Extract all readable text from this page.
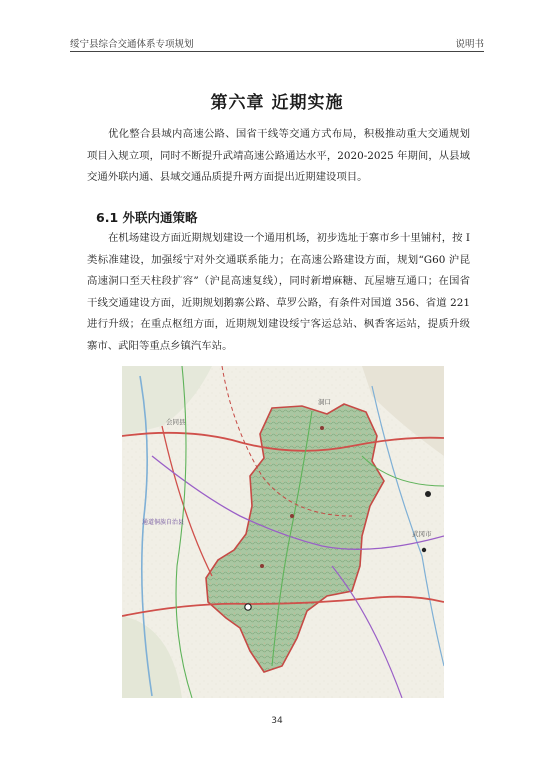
绥宁县综合交通体系专项规划	说明书
第六章 近期实施

优化整合县域内高速公路、国省干线等交通方式布局，积极推动重大交通规划项目入规立项，同时不断提升武靖高速公路通达水平，2020-2025 年期间，从县域交通外联内通、县域交通品质提升两方面提出近期建设项目。

6.1 外联内通策略

在机场建设方面近期规划建设一个通用机场，初步选址于寨市乡十里铺村，按 I 类标准建设，加强绥宁对外交通联系能力；在高速公路建设方面，规划“G60 沪昆高速洞口至天柱段扩容”（沪昆高速复线），同时新增麻糖、瓦屋塘互通口；在国省干线交通建设方面，近期规划鹅寨公路、草罗公路，有条件对国道 356、省道 221 进行升级；在重点枢纽方面，近期规划建设绥宁客运总站、枫香客运站，提质升级寨市、武阳等重点乡镇汽车站。

洞口
会同县
通道侗族自治县
武冈市
34
